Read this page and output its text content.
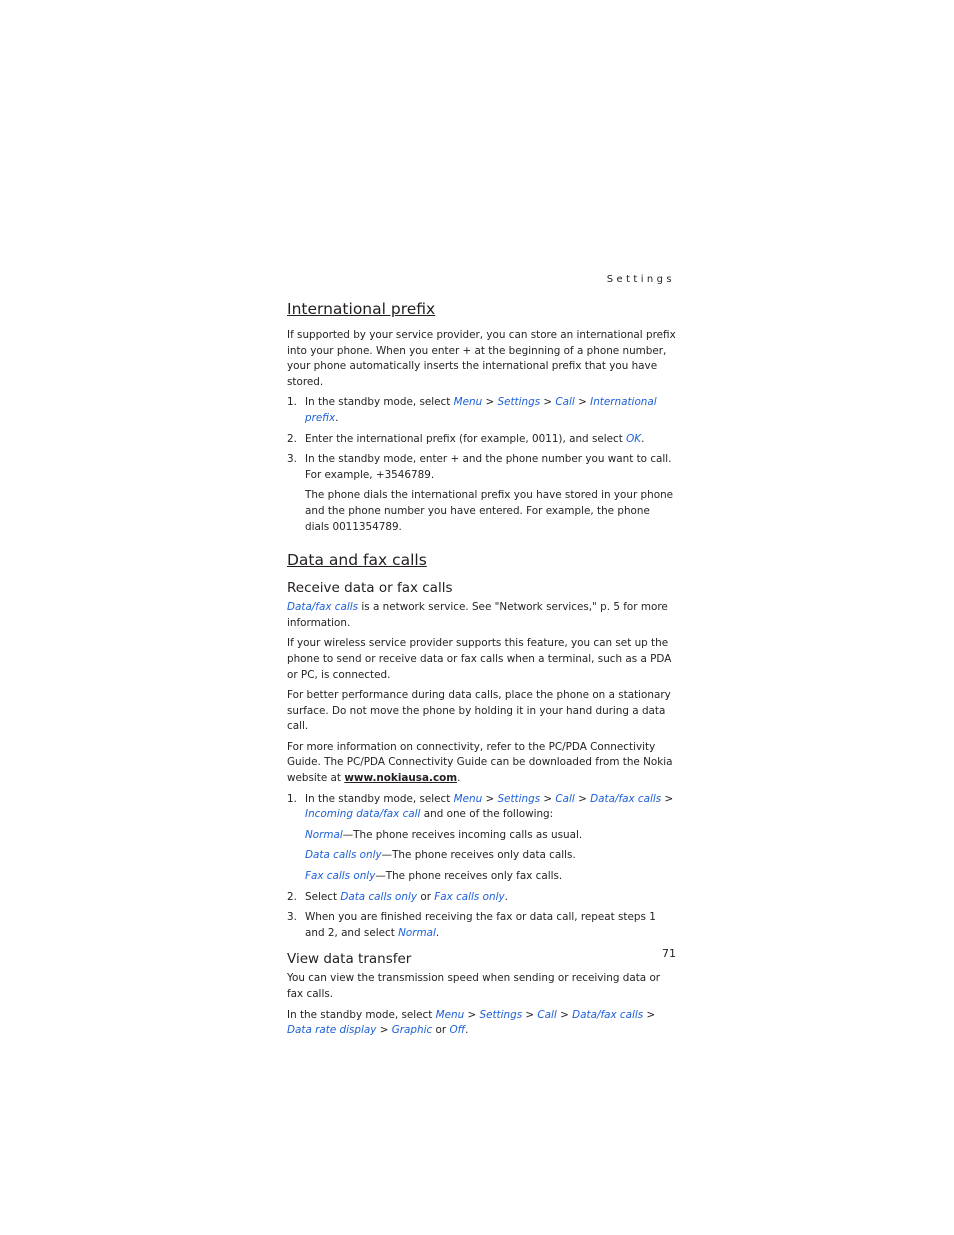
Settings
International prefix

If supported by your service provider, you can store an international prefix into your phone. When you enter + at the beginning of a phone number, your phone automatically inserts the international prefix that you have stored.

1. In the standby mode, select Menu > Settings > Call > International prefix.
2. Enter the international prefix (for example, 0011), and select OK.
3. In the standby mode, enter + and the phone number you want to call.
For example, +3546789.
The phone dials the international prefix you have stored in your phone and the phone number you have entered. For example, the phone dials 0011354789.
Data and fax calls
Receive data or fax calls

Data/fax calls is a network service. See "Network services," p. 5 for more information.

If your wireless service provider supports this feature, you can set up the phone to send or receive data or fax calls when a terminal, such as a PDA or PC, is connected.

For better performance during data calls, place the phone on a stationary surface. Do not move the phone by holding it in your hand during a data call.

For more information on connectivity, refer to the PC/PDA Connectivity Guide. The PC/PDA Connectivity Guide can be downloaded from the Nokia website at www.nokiausa.com.

1. In the standby mode, select Menu > Settings > Call > Data/fax calls >
Incoming data/fax call and one of the following:
Normal—The phone receives incoming calls as usual.
Data calls only—The phone receives only data calls.
Fax calls only—The phone receives only fax calls.
2. Select Data calls only or Fax calls only.
3. When you are finished receiving the fax or data call, repeat steps 1 and 2, and select Normal.
View data transfer

You can view the transmission speed when sending or receiving data or fax calls.

In the standby mode, select Menu > Settings > Call > Data/fax calls > Data rate display > Graphic or Off.

71
